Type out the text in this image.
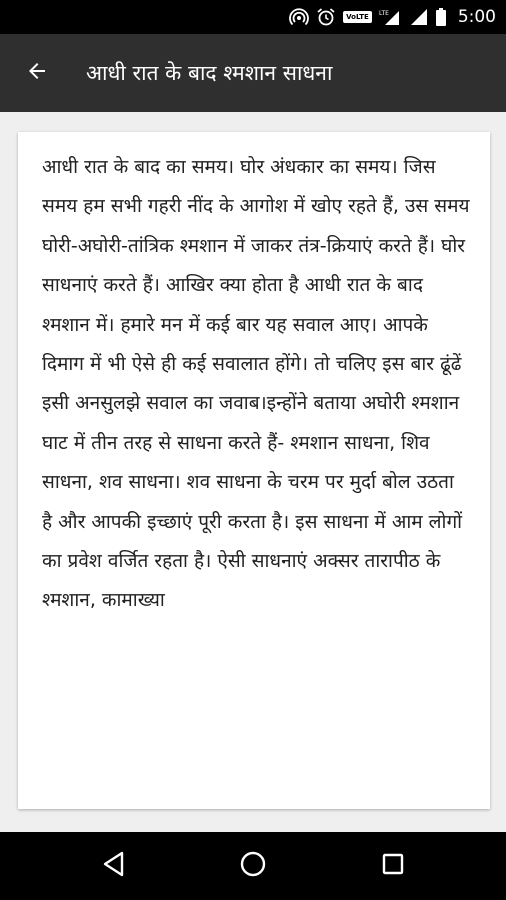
VoLTE	LTE	5:00
आधी रात के बाद श्मशान साधना

आधी रात के बाद का समय। घोर अंधकार का समय। जिस समय हम सभी गहरी नींद के आगोश में खोए रहते हैं, उस समय घोरी-अघोरी-तांत्रिक श्मशान में जाकर तंत्र-क्रियाएं करते हैं। घोर साधनाएं करते हैं। आखिर क्या होता है आधी रात के बाद श्मशान में। हमारे मन में कई बार यह सवाल आए। आपके दिमाग में भी ऐसे ही कई सवालात होंगे। तो चलिए इस बार ढूंढें इसी अनसुलझे सवाल का जवाब।इन्होंने बताया अघोरी श्मशान घाट में तीन तरह से साधना करते हैं- श्मशान साधना, शिव साधना, शव साधना। शव साधना के चरम पर मुर्दा बोल उठता है और आपकी इच्छाएं पूरी करता है। इस साधना में आम लोगों का प्रवेश वर्जित रहता है। ऐसी साधनाएं अक्सर तारापीठ के श्मशान, कामाख्या
